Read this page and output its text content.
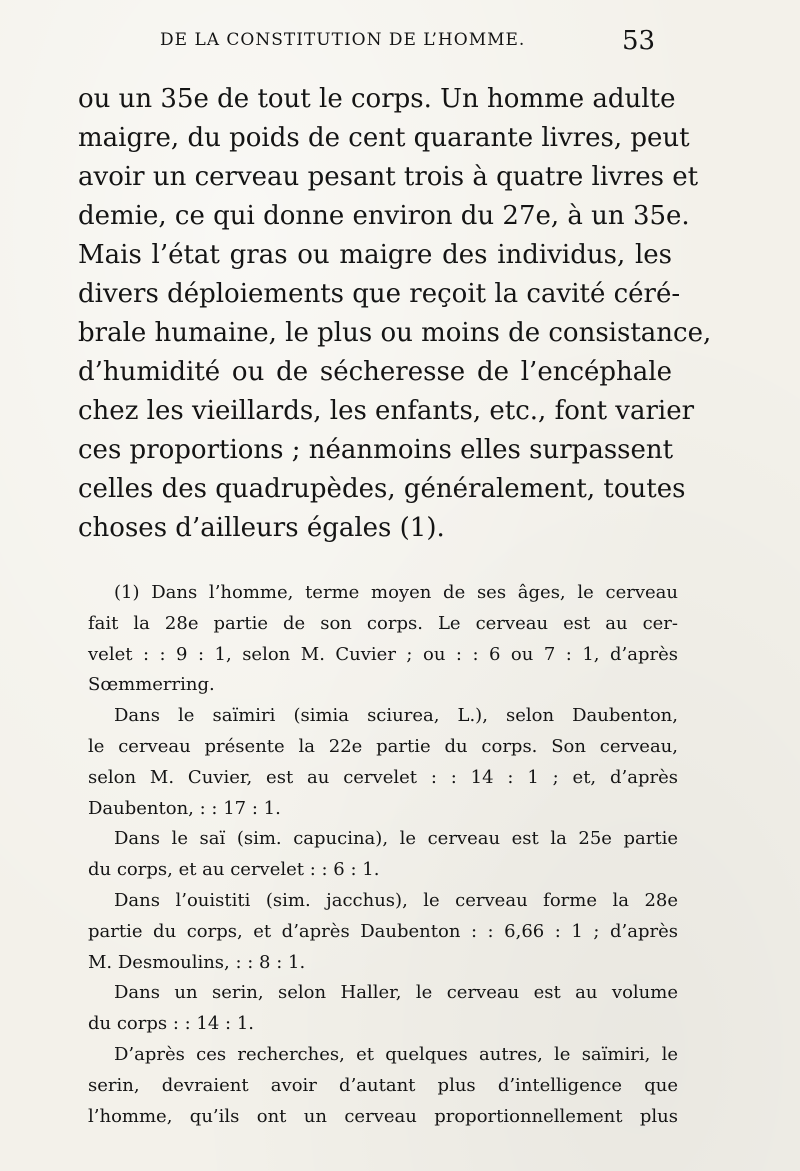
DE LA CONSTITUTION DE L’HOMME.	53
ou un 35e de tout le corps. Un homme adulte
maigre, du poids de cent quarante livres, peut
avoir un cerveau pesant trois à quatre livres et
demie, ce qui donne environ du 27e, à un 35e.
Mais l’état gras ou maigre des individus, les
divers déploiements que reçoit la cavité céré-
brale humaine, le plus ou moins de consistance,
d’humidité ou de sécheresse de l’encéphale
chez les vieillards, les enfants, etc., font varier
ces proportions ; néanmoins elles surpassent
celles des quadrupèdes, généralement, toutes
choses d’ailleurs égales (1).
(1) Dans l’homme, terme moyen de ses âges, le cerveau
fait la 28e partie de son corps. Le cerveau est au cer-
velet : : 9 : 1, selon M. Cuvier ; ou : : 6 ou 7 : 1, d’après
Sœmmerring.
Dans le saïmiri (simia sciurea, L.), selon Daubenton,
le cerveau présente la 22e partie du corps. Son cerveau,
selon M. Cuvier, est au cervelet : : 14 : 1 ; et, d’après
Daubenton, : : 17 : 1.
Dans le saï (sim. capucina), le cerveau est la 25e partie
du corps, et au cervelet : : 6 : 1.
Dans l’ouistiti (sim. jacchus), le cerveau forme la 28e
partie du corps, et d’après Daubenton : : 6,66 : 1 ; d’après
M. Desmoulins, : : 8 : 1.
Dans un serin, selon Haller, le cerveau est au volume
du corps : : 14 : 1.
D’après ces recherches, et quelques autres, le saïmiri, le
serin, devraient avoir d’autant plus d’intelligence que
l’homme, qu’ils ont un cerveau proportionnellement plus
